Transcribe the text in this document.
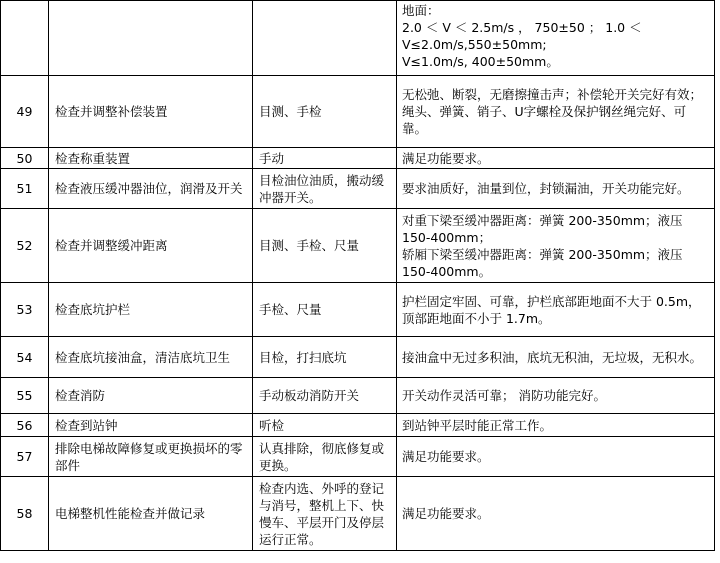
			地面：
2.0 ＜ V ＜ 2.5m/s ， 750±50 ； 1.0 ＜ V≤2.0m/s,550±50mm;
V≤1.0m/s, 400±50mm。

49	检查并调整补偿装置	目测、手检	无松弛、断裂，无磨擦撞击声；补偿轮开关完好有效；
绳头、弹簧、销子、U字螺栓及保护钢丝绳完好、可靠。

50	检查称重装置	手动	满足功能要求。

51	检查液压缓冲器油位，润滑及开关	目检油位油质，搬动缓冲器开关。	要求油质好，油量到位，封锁漏油，开关功能完好。

52	检查并调整缓冲距离	目测、手检、尺量	对重下梁至缓冲器距离：弹簧 200-350mm；液压 150-400mm；
轿厢下梁至缓冲器距离：弹簧 200-350mm；液压 150-400mm。

53	检查底坑护栏	手检、尺量	护栏固定牢固、可靠，护栏底部距地面不大于 0.5m，顶部距地面不小于 1.7m。

54	检查底坑接油盒，清洁底坑卫生	目检，打扫底坑	接油盒中无过多积油，底坑无积油，无垃圾，无积水。

55	检查消防	手动板动消防开关	开关动作灵活可靠； 消防功能完好。

56	检查到站钟	听检	到站钟平层时能正常工作。

57	排除电梯故障修复或更换损坏的零部件	认真排除，彻底修复或更换。	满足功能要求。

58	电梯整机性能检查并做记录	检查内选、外呼的登记与消号，整机上下、快慢车、平层开门及停层运行正常。	满足功能要求。
